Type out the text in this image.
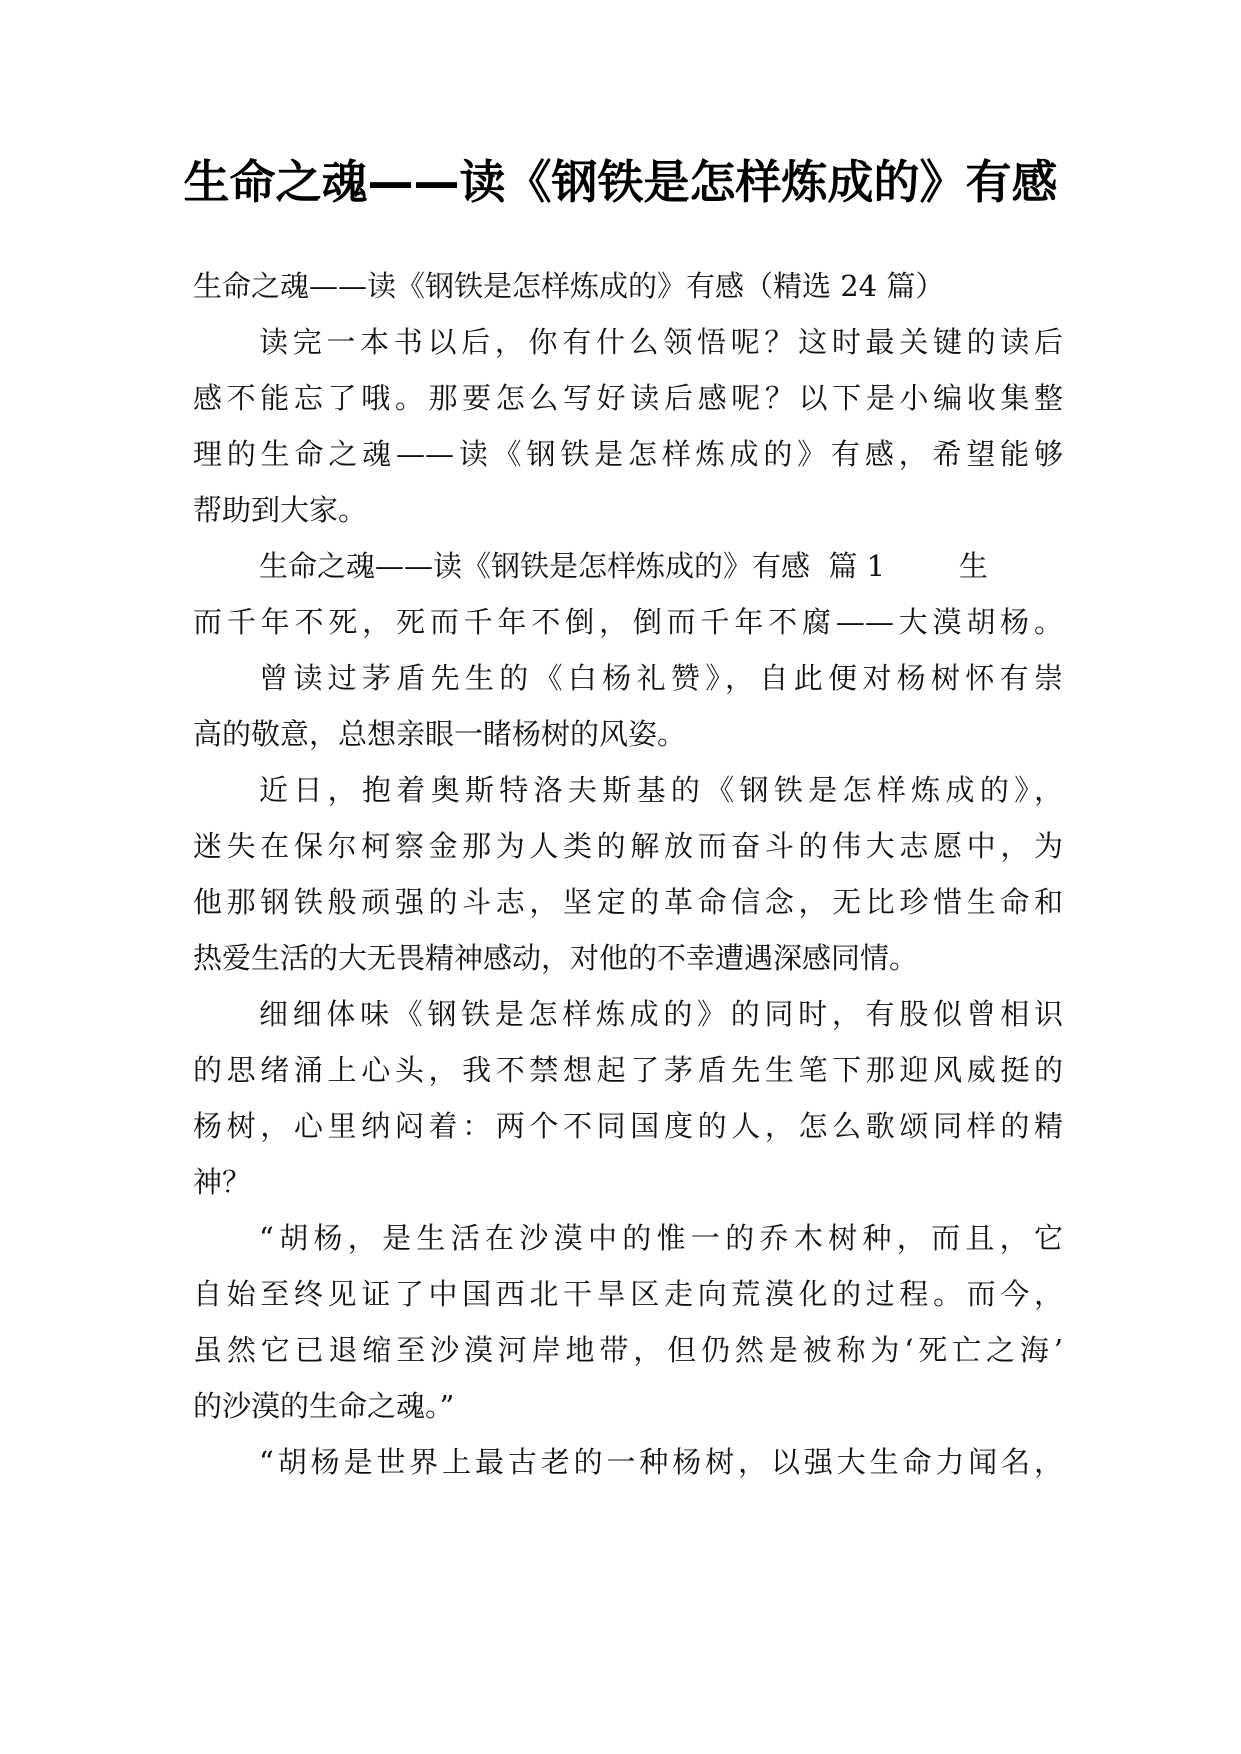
生命之魂——读《钢铁是怎样炼成的》有感

生命之魂——读《钢铁是怎样炼成的》有感（精选 24 篇）

读完一本书以后，你有什么领悟呢？这时最关键的读后

感不能忘了哦。那要怎么写好读后感呢？以下是小编收集整

理的生命之魂——读《钢铁是怎样炼成的》有感，希望能够

帮助到大家。

生命之魂——读《钢铁是怎样炼成的》有感  篇 1        生

而千年不死，死而千年不倒，倒而千年不腐——大漠胡杨。

曾读过茅盾先生的《白杨礼赞》，自此便对杨树怀有崇

高的敬意，总想亲眼一睹杨树的风姿。

近日，抱着奥斯特洛夫斯基的《钢铁是怎样炼成的》，

迷失在保尔柯察金那为人类的解放而奋斗的伟大志愿中，为

他那钢铁般顽强的斗志，坚定的革命信念，无比珍惜生命和

热爱生活的大无畏精神感动，对他的不幸遭遇深感同情。

细细体味《钢铁是怎样炼成的》的同时，有股似曾相识

的思绪涌上心头，我不禁想起了茅盾先生笔下那迎风威挺的

杨树，心里纳闷着：两个不同国度的人，怎么歌颂同样的精

神？

“胡杨，是生活在沙漠中的惟一的乔木树种，而且，它

自始至终见证了中国西北干旱区走向荒漠化的过程。而今，

虽然它已退缩至沙漠河岸地带，但仍然是被称为‘死亡之海’

的沙漠的生命之魂。”

“胡杨是世界上最古老的一种杨树，以强大生命力闻名，
